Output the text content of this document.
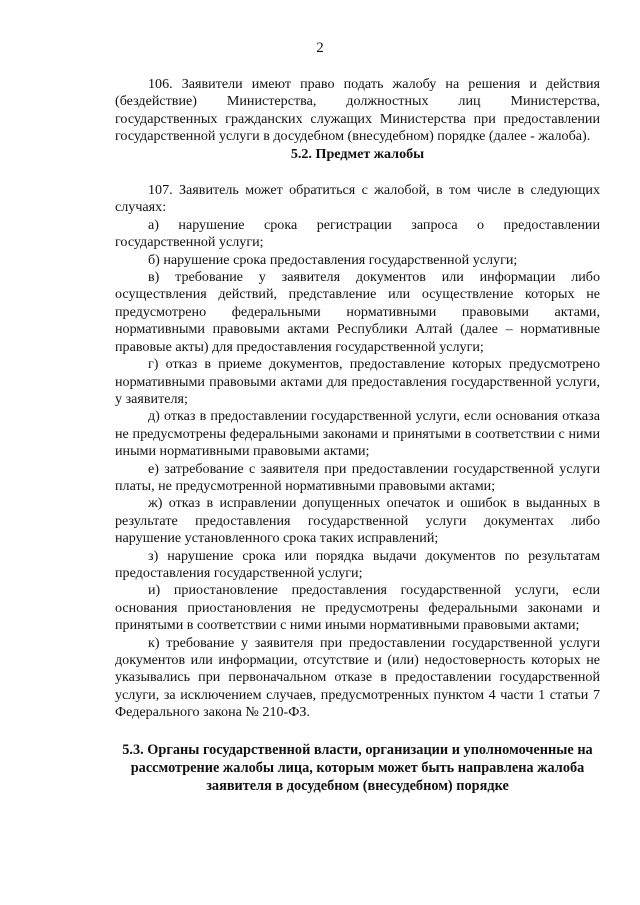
2

106. Заявители имеют право подать жалобу на решения и действия (бездействие) Министерства, должностных лиц Министерства, государственных гражданских служащих Министерства при предоставлении государственной услуги в досудебном (внесудебном) порядке (далее - жалоба).

5.2. Предмет жалобы

107. Заявитель может обратиться с жалобой, в том числе в следующих случаях:

а) нарушение срока регистрации запроса о предоставлении государственной услуги;

б) нарушение срока предоставления государственной услуги;

в) требование у заявителя документов или информации либо осуществления действий, представление или осуществление которых не предусмотрено федеральными нормативными правовыми актами, нормативными правовыми актами Республики Алтай (далее – нормативные правовые акты) для предоставления государственной услуги;

г) отказ в приеме документов, предоставление которых предусмотрено нормативными правовыми актами для предоставления государственной услуги, у заявителя;

д) отказ в предоставлении государственной услуги, если основания отказа не предусмотрены федеральными законами и принятыми в соответствии с ними иными нормативными правовыми актами;

е) затребование с заявителя при предоставлении государственной услуги платы, не предусмотренной нормативными правовыми актами;

ж) отказ в исправлении допущенных опечаток и ошибок в выданных в результате предоставления государственной услуги документах либо нарушение установленного срока таких исправлений;

з) нарушение срока или порядка выдачи документов по результатам предоставления государственной услуги;

и) приостановление предоставления государственной услуги, если основания приостановления не предусмотрены федеральными законами и принятыми в соответствии с ними иными нормативными правовыми актами;

к) требование у заявителя при предоставлении государственной услуги документов или информации, отсутствие и (или) недостоверность которых не указывались при первоначальном отказе в предоставлении государственной услуги, за исключением случаев, предусмотренных пунктом 4 части 1 статьи 7 Федерального закона № 210-ФЗ.

5.3. Органы государственной власти, организации и уполномоченные на рассмотрение жалобы лица, которым может быть направлена жалоба заявителя в досудебном (внесудебном) порядке
